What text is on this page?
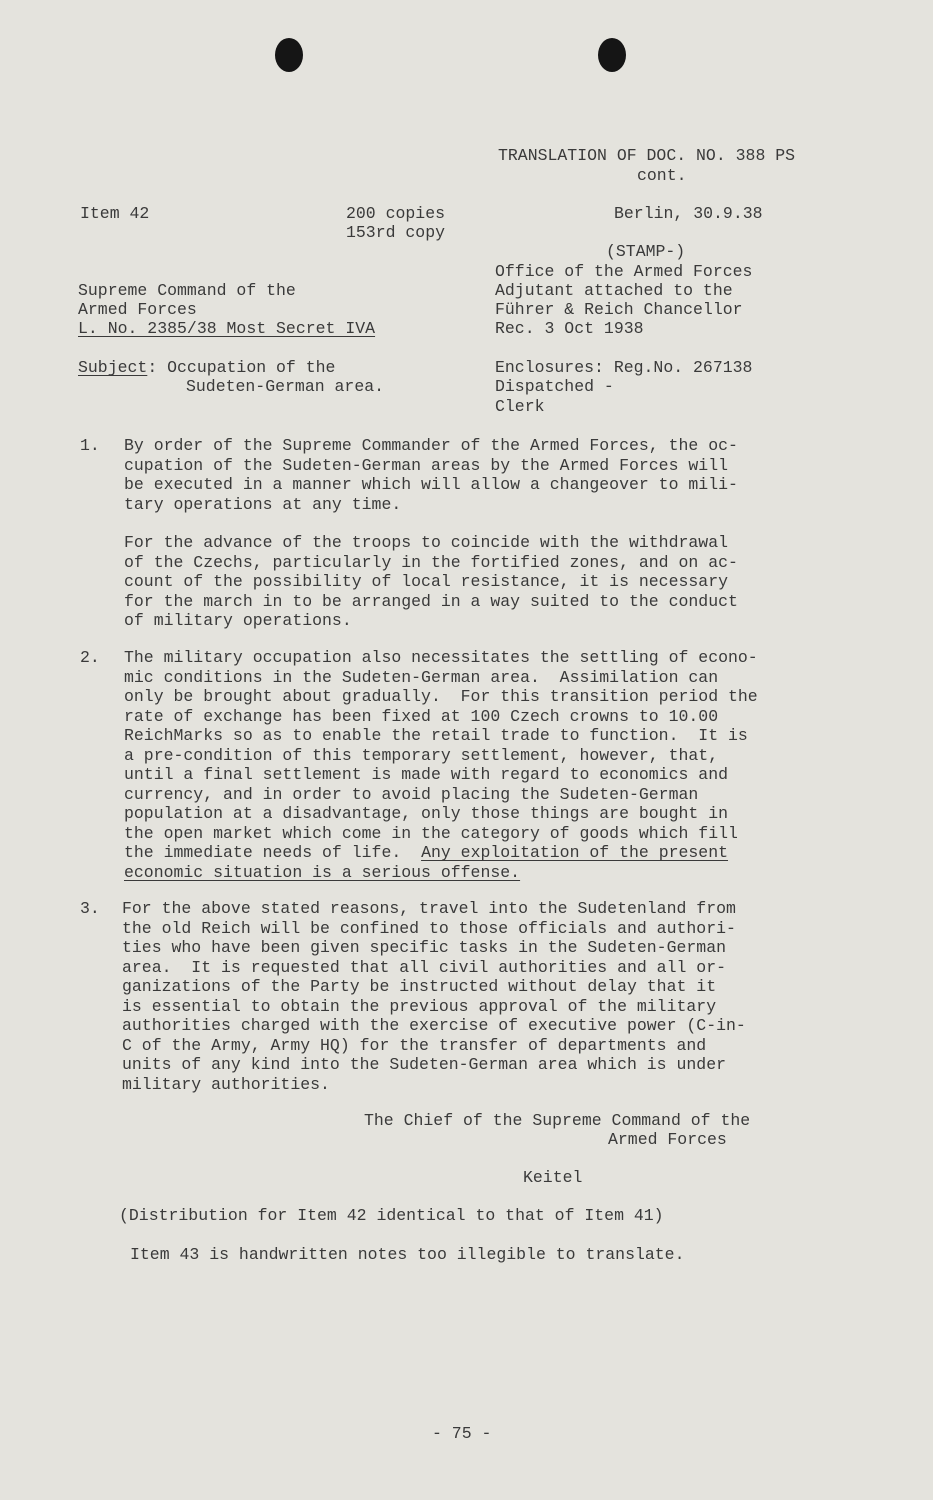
TRANSLATION OF DOC. NO. 388 PS
cont.
Item 42	200 copies
153rd copy
Berlin, 30.9.38
(STAMP-)
Office of the Armed Forces
Adjutant attached to the
Führer & Reich Chancellor
Rec. 3 Oct 1938
Supreme Command of the
Armed Forces
L. No. 2385/38 Most Secret IVA
Subject: Occupation of the
Sudeten-German area.
Enclosures: Reg.No. 267138
Dispatched -
Clerk
1. By order of the Supreme Commander of the Armed Forces, the oc-
cupation of the Sudeten-German areas by the Armed Forces will
be executed in a manner which will allow a changeover to mili-
tary operations at any time.
For the advance of the troops to coincide with the withdrawal
of the Czechs, particularly in the fortified zones, and on ac-
count of the possibility of local resistance, it is necessary
for the march in to be arranged in a way suited to the conduct
of military operations.
2. The military occupation also necessitates the settling of econo-
mic conditions in the Sudeten-German area.  Assimilation can
only be brought about gradually.  For this transition period the
rate of exchange has been fixed at 100 Czech crowns to 10.00
ReichMarks so as to enable the retail trade to function.  It is
a pre-condition of this temporary settlement, however, that,
until a final settlement is made with regard to economics and
currency, and in order to avoid placing the Sudeten-German
population at a disadvantage, only those things are bought in
the open market which come in the category of goods which fill
the immediate needs of life.  Any exploitation of the present
economic situation is a serious offense.
3. For the above stated reasons, travel into the Sudetenland from
the old Reich will be confined to those officials and authori-
ties who have been given specific tasks in the Sudeten-German
area.  It is requested that all civil authorities and all or-
ganizations of the Party be instructed without delay that it
is essential to obtain the previous approval of the military
authorities charged with the exercise of executive power (C-in-
C of the Army, Army HQ) for the transfer of departments and
units of any kind into the Sudeten-German area which is under
military authorities.
The Chief of the Supreme Command of the
Armed Forces
Keitel
(Distribution for Item 42 identical to that of Item 41)
Item 43 is handwritten notes too illegible to translate.
- 75 -
